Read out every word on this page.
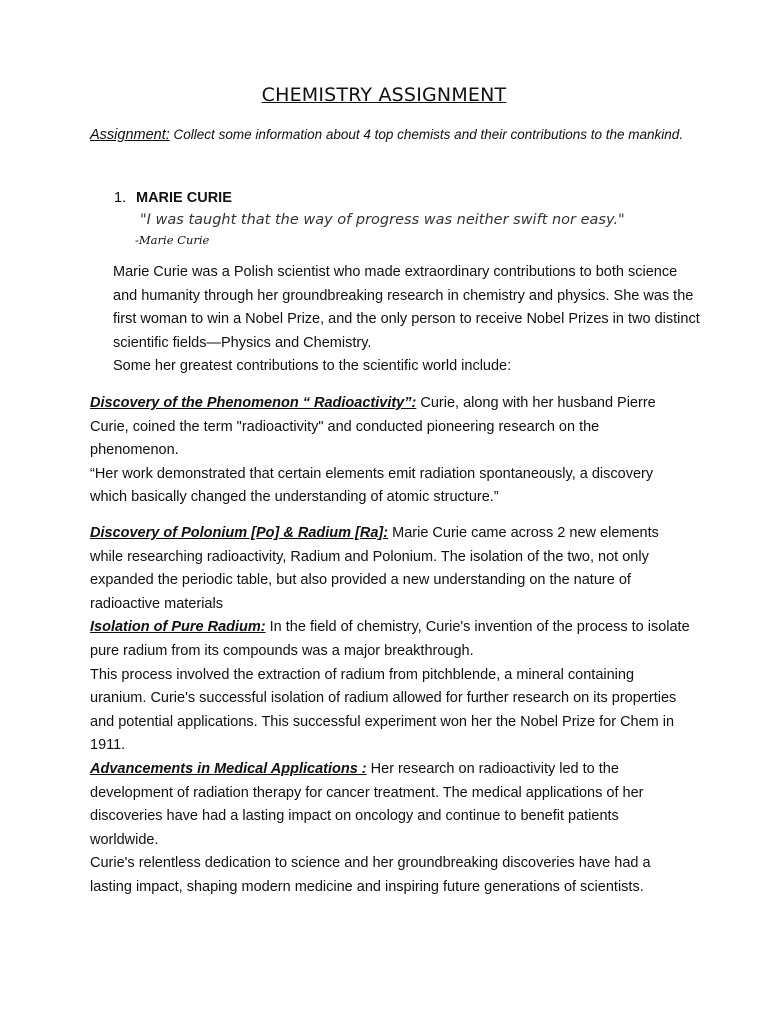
CHEMISTRY ASSIGNMENT
Assignment: Collect some information about 4 top chemists and their contributions to the mankind.
1. MARIE CURIE
"I was taught that the way of progress was neither swift nor easy."
-Marie Curie
Marie Curie was a Polish scientist who made extraordinary contributions to both science and humanity through her groundbreaking research in chemistry and physics. She was the first woman to win a Nobel Prize, and the only person to receive Nobel Prizes in two distinct scientific fields—Physics and Chemistry.
Some her greatest contributions to the scientific world include:
Discovery of the Phenomenon “ Radioactivity”: Curie, along with her husband Pierre Curie, coined the term "radioactivity" and conducted pioneering research on the phenomenon.
“Her work demonstrated that certain elements emit radiation spontaneously, a discovery which basically changed the understanding of atomic structure.”
Discovery of Polonium [Po] & Radium [Ra]: Marie Curie came across 2 new elements while researching radioactivity, Radium and Polonium. The isolation of the two, not only expanded the periodic table, but also provided a new understanding on the nature of radioactive materials
Isolation of Pure Radium: In the field of chemistry, Curie's invention of the process to isolate pure radium from its compounds was a major breakthrough.
This process involved the extraction of radium from pitchblende, a mineral containing uranium. Curie's successful isolation of radium allowed for further research on its properties and potential applications. This successful experiment won her the Nobel Prize for Chem in 1911.
Advancements in Medical Applications : Her research on radioactivity led to the development of radiation therapy for cancer treatment. The medical applications of her discoveries have had a lasting impact on oncology and continue to benefit patients worldwide.
Curie's relentless dedication to science and her groundbreaking discoveries have had a lasting impact, shaping modern medicine and inspiring future generations of scientists.
